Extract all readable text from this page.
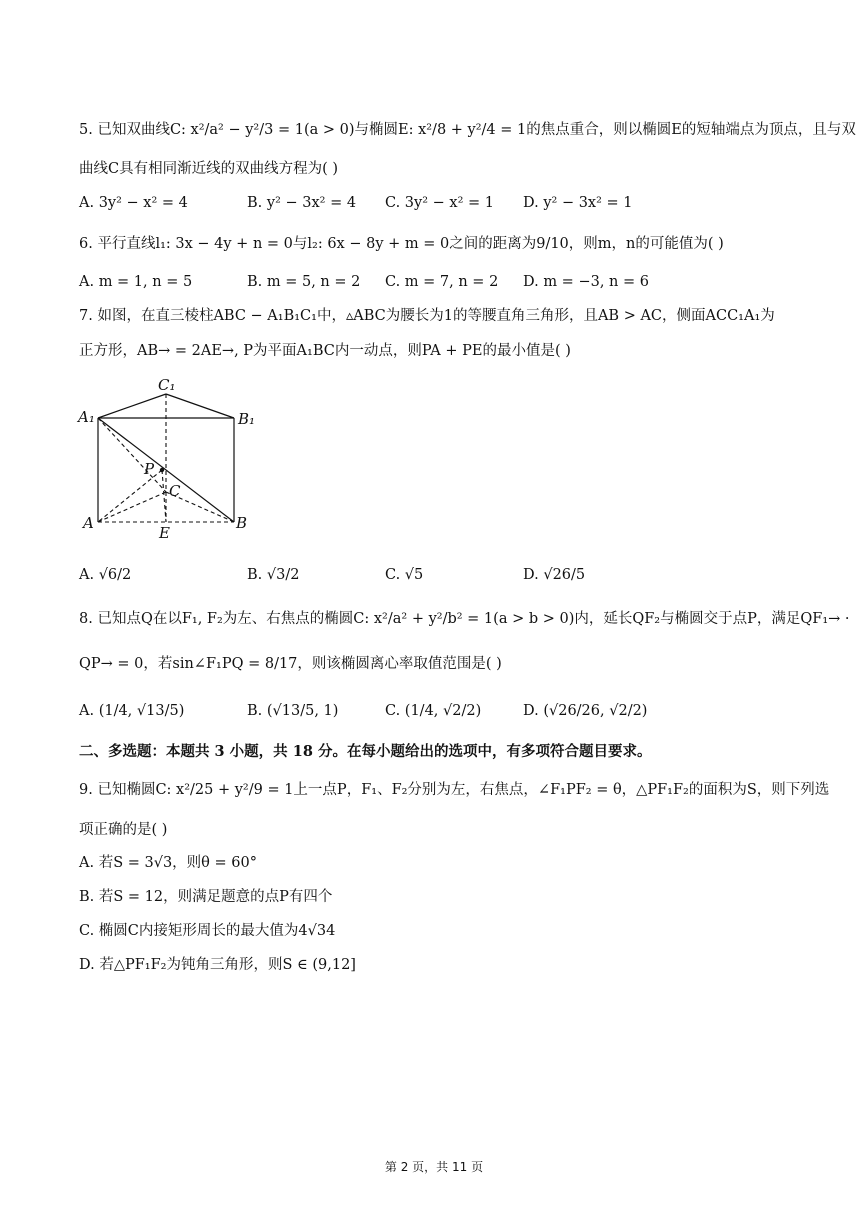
5. 已知双曲线C: x²/a² − y²/3 = 1(a > 0)与椭圆E: x²/8 + y²/4 = 1的焦点重合，则以椭圆E的短轴端点为顶点，且与双
曲线C具有相同渐近线的双曲线方程为( )
A. 3y² − x² = 4	B. y² − 3x² = 4 C. 3y² − x² = 1 D. y² − 3x² = 1
6. 平行直线l₁: 3x − 4y + n = 0与l₂: 6x − 8y + m = 0之间的距离为9/10，则m，n的可能值为( )
A. m = 1, n = 5	B. m = 5, n = 2 C. m = 7, n = 2 D. m = −3, n = 6
7. 如图，在直三棱柱ABC − A₁B₁C₁中，▵ABC为腰长为1的等腰直角三角形，且AB > AC，侧面ACC₁A₁为
正方形，AB→ = 2AE→, P为平面A₁BC内一动点，则PA + PE的最小值是( )
C₁
A₁	B₁
P
C
A	B
E
A. √6/2	B. √3/2	C. √5	D. √26/5
8. 已知点Q在以F₁, F₂为左、右焦点的椭圆C: x²/a² + y²/b² = 1(a > b > 0)内，延长QF₂与椭圆交于点P，满足QF₁→ ·
QP→ = 0，若sin∠F₁PQ = 8/17，则该椭圆离心率取值范围是( )
A. (1/4, √13/5)	B. (√13/5, 1)	C. (1/4, √2/2)	D. (√26/26, √2/2)
二、多选题：本题共 3 小题，共 18 分。在每小题给出的选项中，有多项符合题目要求。
9. 已知椭圆C: x²/25 + y²/9 = 1上一点P，F₁、F₂分别为左，右焦点，∠F₁PF₂ = θ，△PF₁F₂的面积为S，则下列选
项正确的是( )
A. 若S = 3√3，则θ = 60°
B. 若S = 12，则满足题意的点P有四个
C. 椭圆C内接矩形周长的最大值为4√34
D. 若△PF₁F₂为钝角三角形，则S ∈ (9,12]
第 2 页，共 11 页
